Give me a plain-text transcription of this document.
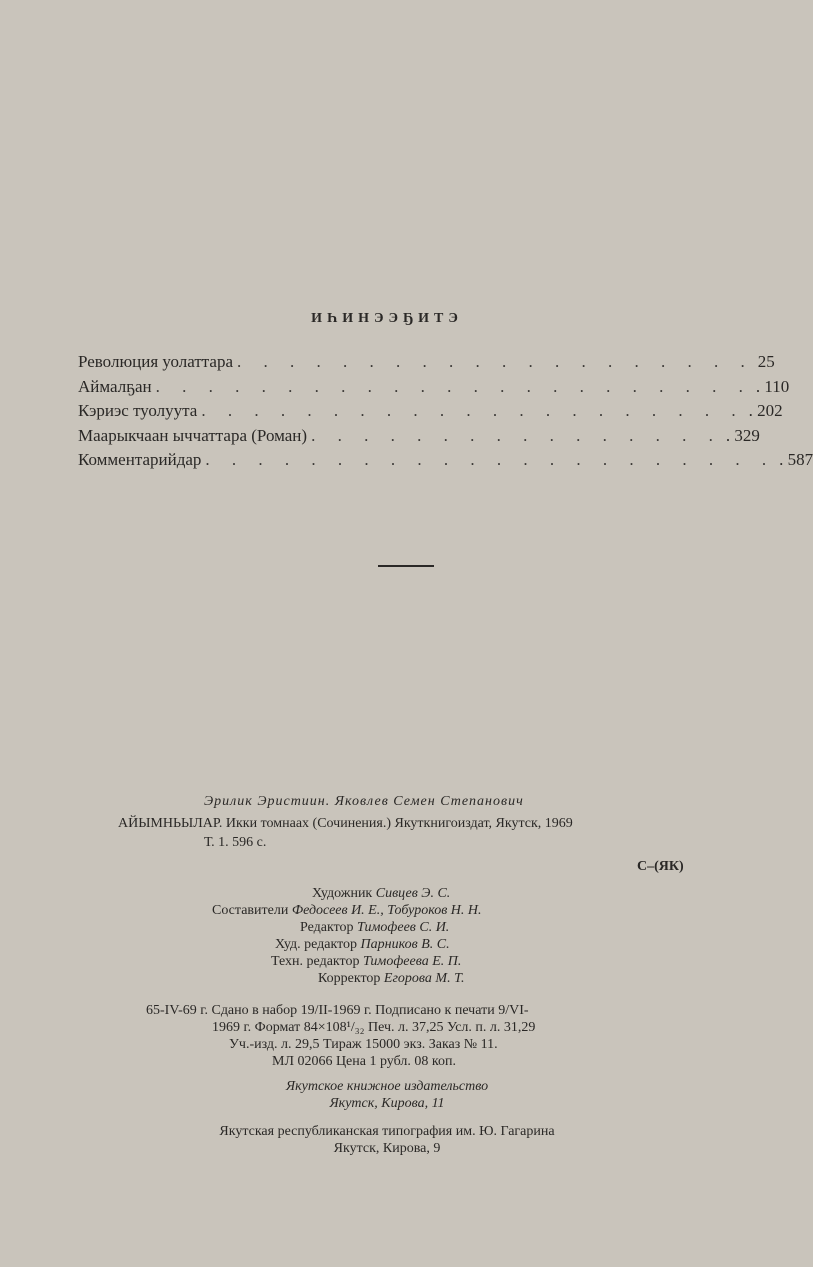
ИҺИНЭЭҔИТЭ
Революция уолаттара . . . . . . . . . . . . . . . . . . . . 25
Аймалҕан . . . . . . . . . . . . . . . . . . . . . . . . 110
Кэриэс туолуута . . . . . . . . . . . . . . . . . . . . . . 202
Маарыкчаан ыччаттара (Роман) . . . . . . . . . . . . . . . . . 329
Комментарийдар . . . . . . . . . . . . . . . . . . . . . . . 587
Эрилик Эристиин. Яковлев Семен Степанович
АЙЫМНЬЫЛАР. Икки томнаах (Сочинения.) Якуткнигоиздат, Якутск, 1969
Т. 1. 596 с.
С–(ЯК)
Художник Сивцев Э. С.
Составители Федосеев И. Е., Тобуроков Н. Н.
Редактор Тимофеев С. И.
Худ. редактор Парников В. С.
Техн. редактор Тимофеева Е. П.
Корректор Егорова М. Т.
65-IV-69 г. Сдано в набор 19/II-1969 г. Подписано к печати 9/VI-
1969 г. Формат 84×108¹/₃₂ Печ. л. 37,25 Усл. п. л. 31,29
Уч.-изд. л. 29,5 Тираж 15000 экз. Заказ № 11.
МЛ 02066 Цена 1 рубл. 08 коп.
Якутское книжное издательство
Якутск, Кирова, 11
Якутская республиканская типография им. Ю. Гагарина
Якутск, Кирова, 9
